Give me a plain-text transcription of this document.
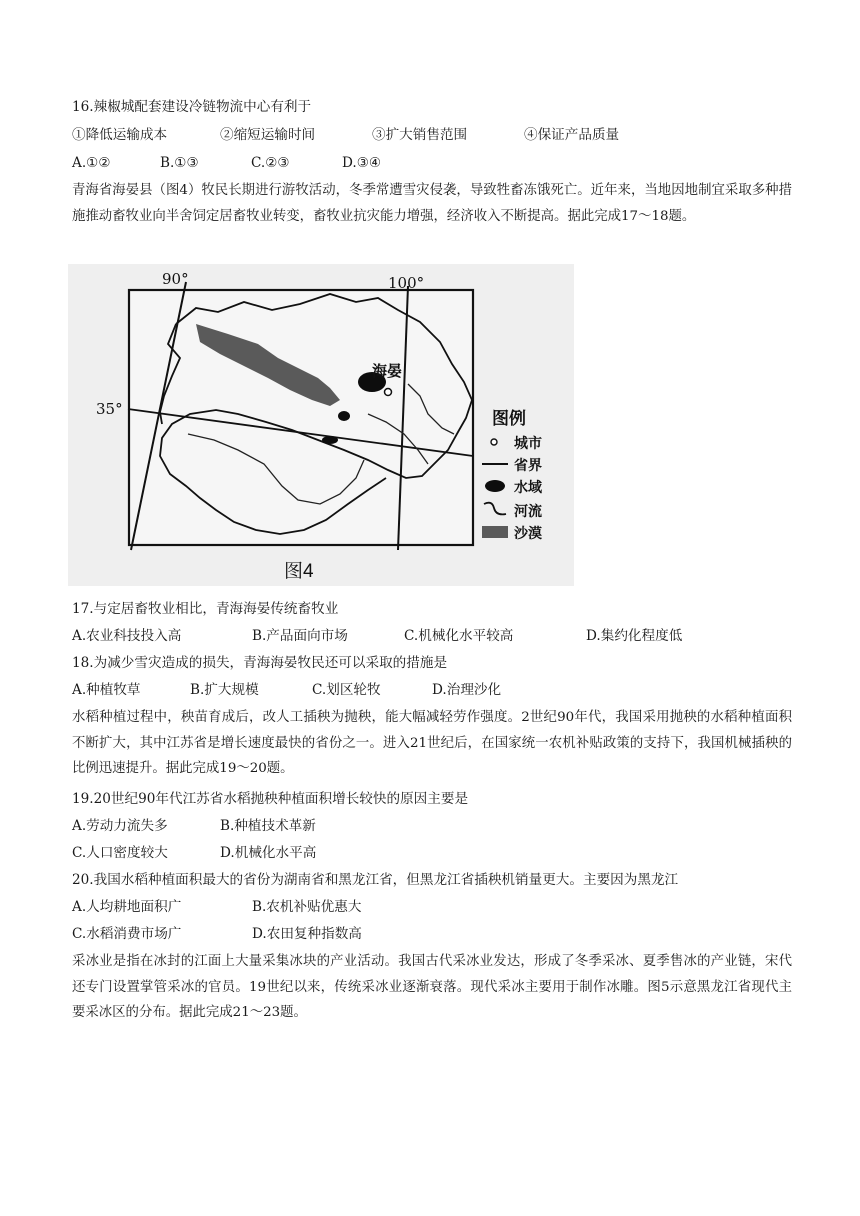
16.辣椒城配套建设冷链物流中心有利于
①降低运输成本	②缩短运输时间	③扩大销售范围	④保证产品质量
A.①②	B.①③	C.②③	D.③④
青海省海晏县（图4）牧民长期进行游牧活动，冬季常遭雪灾侵袭，导致牲畜冻饿死亡。近年来，当地因地制宜采取多种措施推动畜牧业向半舍饲定居畜牧业转变，畜牧业抗灾能力增强，经济收入不断提高。据此完成17～18题。
海晏
90°	100°
35°	图例
城市
省界
水域
河流
沙漠
图4
17.与定居畜牧业相比，青海海晏传统畜牧业
A.农业科技投入高	B.产品面向市场	C.机械化水平较高	D.集约化程度低
18.为减少雪灾造成的损失，青海海晏牧民还可以采取的措施是
A.种植牧草	B.扩大规模	C.划区轮牧	D.治理沙化
水稻种植过程中，秧苗育成后，改人工插秧为抛秧，能大幅减轻劳作强度。2世纪90年代，我国采用抛秧的水稻种植面积不断扩大，其中江苏省是增长速度最快的省份之一。进入21世纪后，在国家统一农机补贴政策的支持下，我国机械插秧的比例迅速提升。据此完成19～20题。
19.20世纪90年代江苏省水稻抛秧种植面积增长较快的原因主要是
A.劳动力流失多	B.种植技术革新
C.人口密度较大	D.机械化水平高
20.我国水稻种植面积最大的省份为湖南省和黑龙江省，但黑龙江省插秧机销量更大。主要因为黑龙江
A.人均耕地面积广	B.农机补贴优惠大
C.水稻消费市场广	D.农田复种指数高
采冰业是指在冰封的江面上大量采集冰块的产业活动。我国古代采冰业发达，形成了冬季采冰、夏季售冰的产业链，宋代还专门设置掌管采冰的官员。19世纪以来，传统采冰业逐渐衰落。现代采冰主要用于制作冰雕。图5示意黑龙江省现代主要采冰区的分布。据此完成21～23题。
